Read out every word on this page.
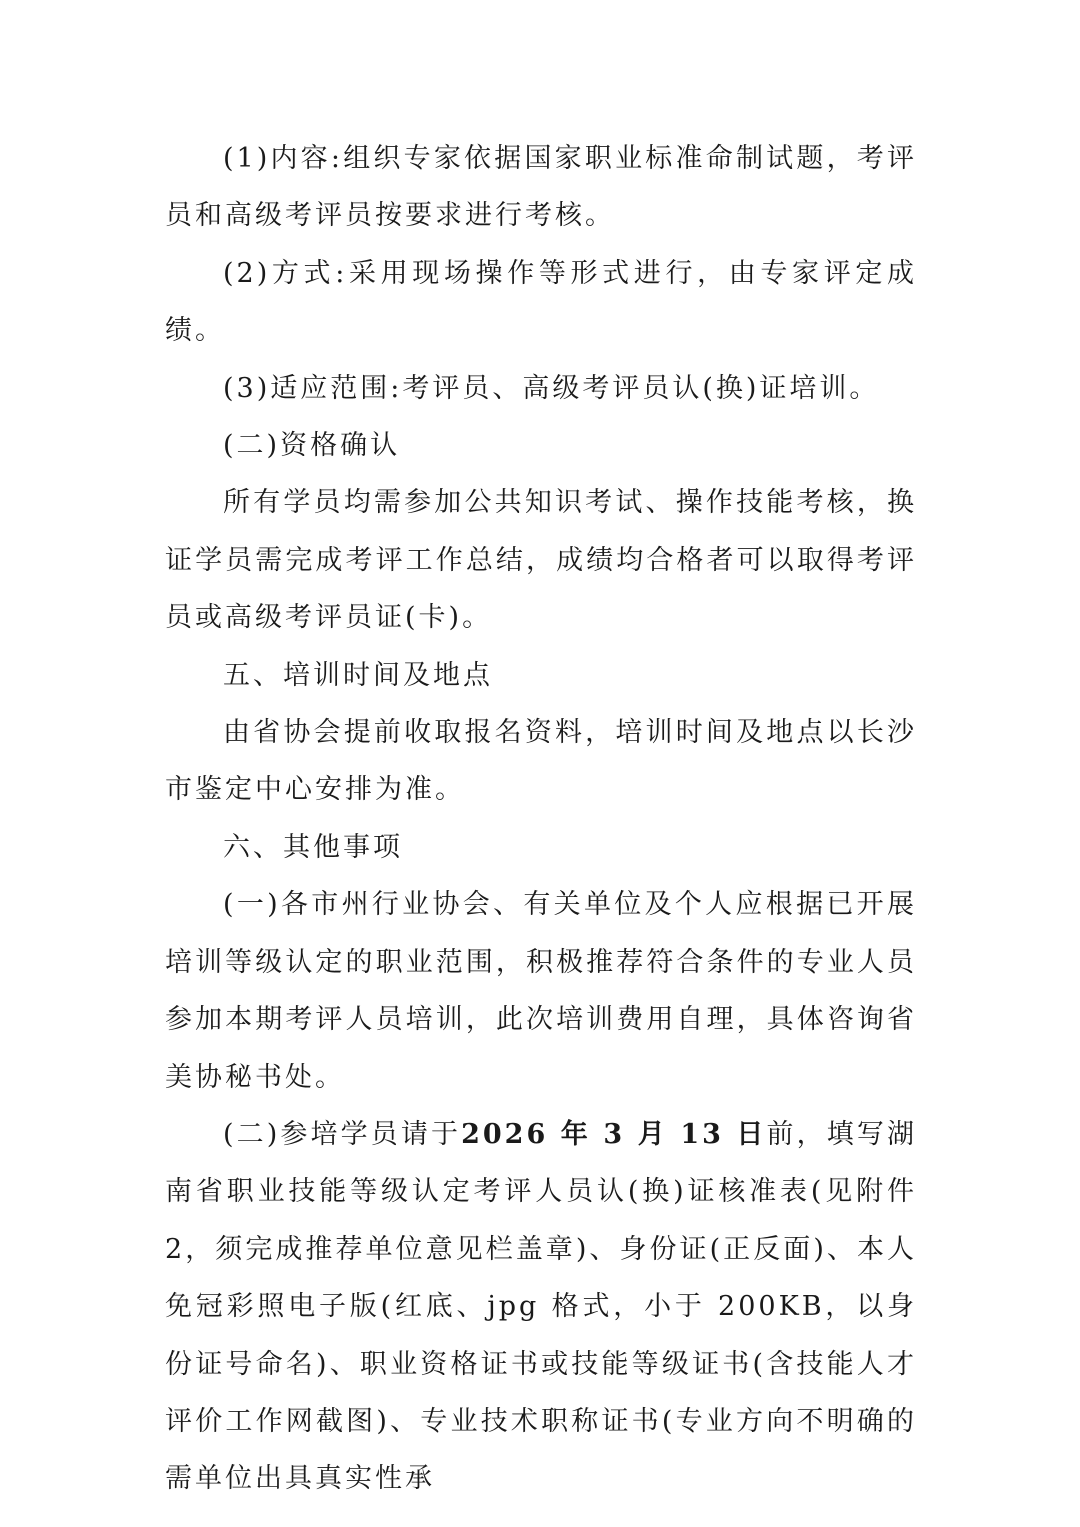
(1)内容:组织专家依据国家职业标准命制试题，考评员和高级考评员按要求进行考核。

(2)方式:采用现场操作等形式进行，由专家评定成绩。

(3)适应范围:考评员、高级考评员认(换)证培训。

(二)资格确认

所有学员均需参加公共知识考试、操作技能考核，换证学员需完成考评工作总结，成绩均合格者可以取得考评员或高级考评员证(卡)。

五、培训时间及地点

由省协会提前收取报名资料，培训时间及地点以长沙市鉴定中心安排为准。

六、其他事项

(一)各市州行业协会、有关单位及个人应根据已开展培训等级认定的职业范围，积极推荐符合条件的专业人员参加本期考评人员培训，此次培训费用自理，具体咨询省美协秘书处。

(二)参培学员请于2026 年 3 月 13 日前，填写湖南省职业技能等级认定考评人员认(换)证核准表(见附件 2，须完成推荐单位意见栏盖章)、身份证(正反面)、本人免冠彩照电子版(红底、jpg 格式，小于 200KB，以身份证号命名)、职业资格证书或技能等级证书(含技能人才评价工作网截图)、专业技术职称证书(专业方向不明确的需单位出具真实性承
